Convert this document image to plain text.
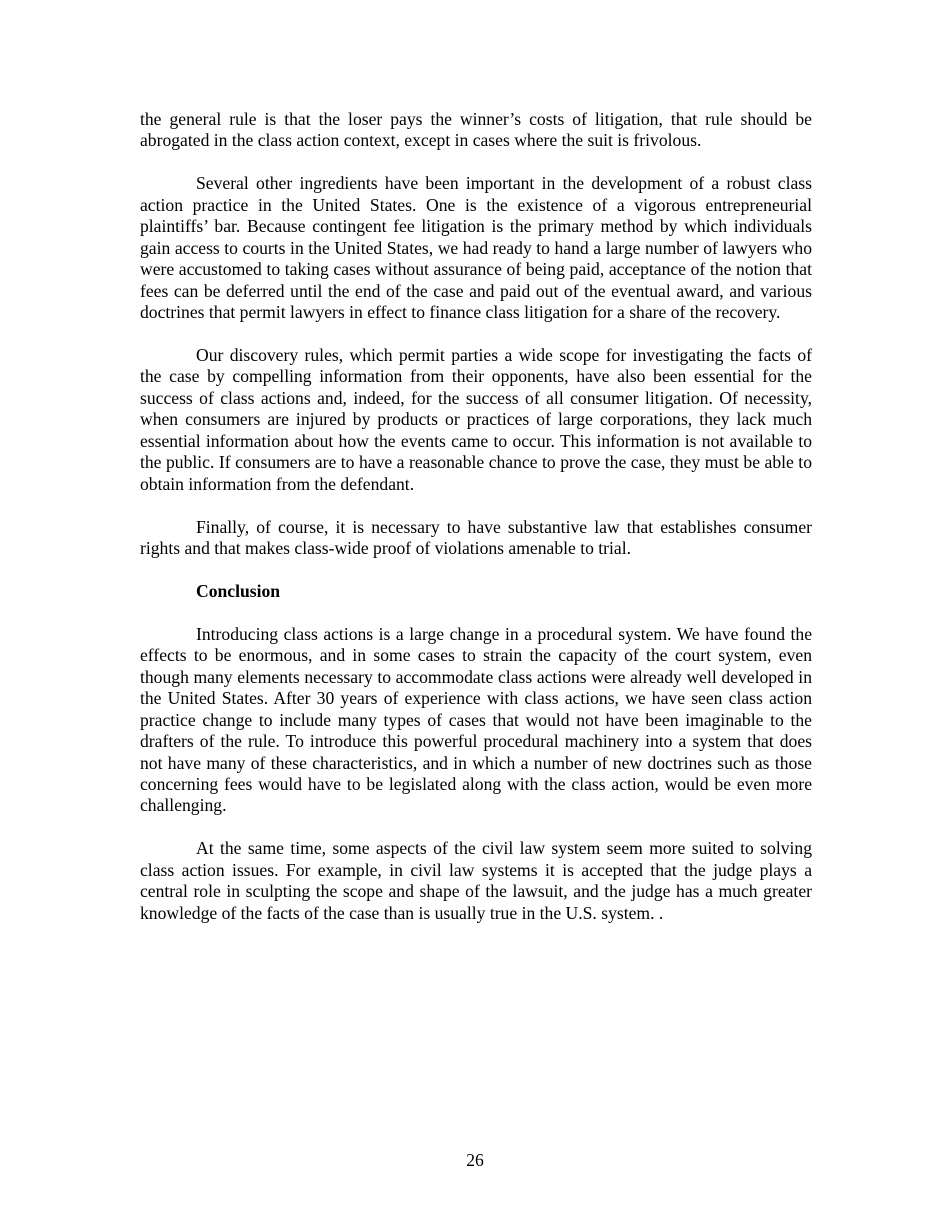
the general rule is that the loser pays the winner’s costs of litigation, that rule should be abrogated in the class action context, except in cases where the suit is frivolous.

Several other ingredients have been important in the development of a robust class action practice in the United States. One is the existence of a vigorous entrepreneurial plaintiffs’ bar. Because contingent fee litigation is the primary method by which individuals gain access to courts in the United States, we had ready to hand a large number of lawyers who were accustomed to taking cases without assurance of being paid, acceptance of the notion that fees can be deferred until the end of the case and paid out of the eventual award, and various doctrines that permit lawyers in effect to finance class litigation for a share of the recovery.

Our discovery rules, which permit parties a wide scope for investigating the facts of the case by compelling information from their opponents, have also been essential for the success of class actions and, indeed, for the success of all consumer litigation. Of necessity, when consumers are injured by products or practices of large corporations, they lack much essential information about how the events came to occur. This information is not available to the public. If consumers are to have a reasonable chance to prove the case, they must be able to obtain information from the defendant.

Finally, of course, it is necessary to have substantive law that establishes consumer rights and that makes class-wide proof of violations amenable to trial.

Conclusion

Introducing class actions is a large change in a procedural system. We have found the effects to be enormous, and in some cases to strain the capacity of the court system, even though many elements necessary to accommodate class actions were already well developed in the United States. After 30 years of experience with class actions, we have seen class action practice change to include many types of cases that would not have been imaginable to the drafters of the rule. To introduce this powerful procedural machinery into a system that does not have many of these characteristics, and in which a number of new doctrines such as those concerning fees would have to be legislated along with the class action, would be even more challenging.

At the same time, some aspects of the civil law system seem more suited to solving class action issues. For example, in civil law systems it is accepted that the judge plays a central role in sculpting the scope and shape of the lawsuit, and the judge has a much greater knowledge of the facts of the case than is usually true in the U.S. system. .

26
